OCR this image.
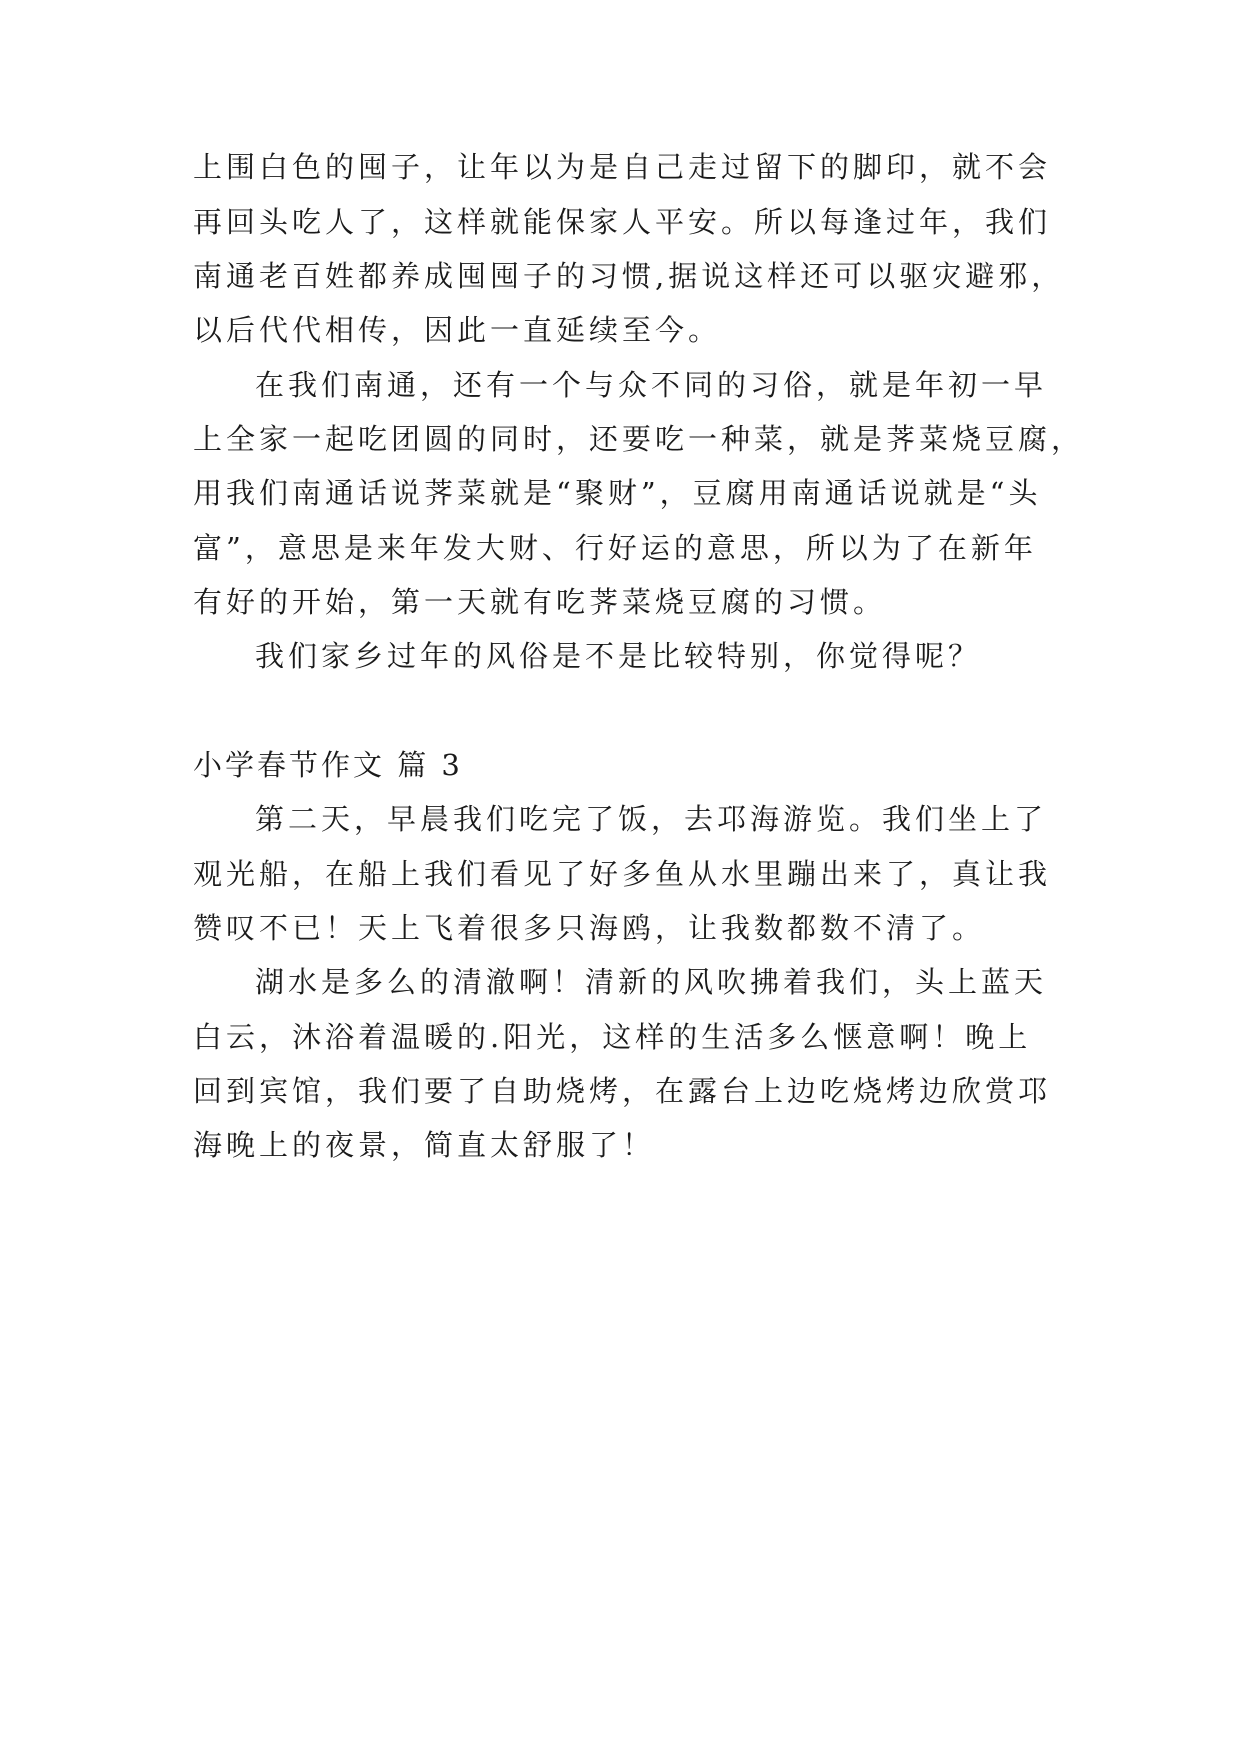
上围白色的囤子，让年以为是自己走过留下的脚印，就不会
再回头吃人了，这样就能保家人平安。所以每逢过年，我们
南通老百姓都养成囤囤子的习惯,据说这样还可以驱灾避邪，
以后代代相传，因此一直延续至今。
在我们南通，还有一个与众不同的习俗，就是年初一早
上全家一起吃团圆的同时，还要吃一种菜，就是荠菜烧豆腐，
用我们南通话说荠菜就是“聚财”，豆腐用南通话说就是“头
富”，意思是来年发大财、行好运的意思，所以为了在新年
有好的开始，第一天就有吃荠菜烧豆腐的习惯。
我们家乡过年的风俗是不是比较特别，你觉得呢？
小学春节作文 篇 3
第二天，早晨我们吃完了饭，去邛海游览。我们坐上了
观光船，在船上我们看见了好多鱼从水里蹦出来了，真让我
赞叹不已！天上飞着很多只海鸥，让我数都数不清了。
湖水是多么的清澈啊！清新的风吹拂着我们，头上蓝天
白云，沐浴着温暖的.阳光，这样的生活多么惬意啊！晚上
回到宾馆，我们要了自助烧烤，在露台上边吃烧烤边欣赏邛
海晚上的夜景，简直太舒服了！
